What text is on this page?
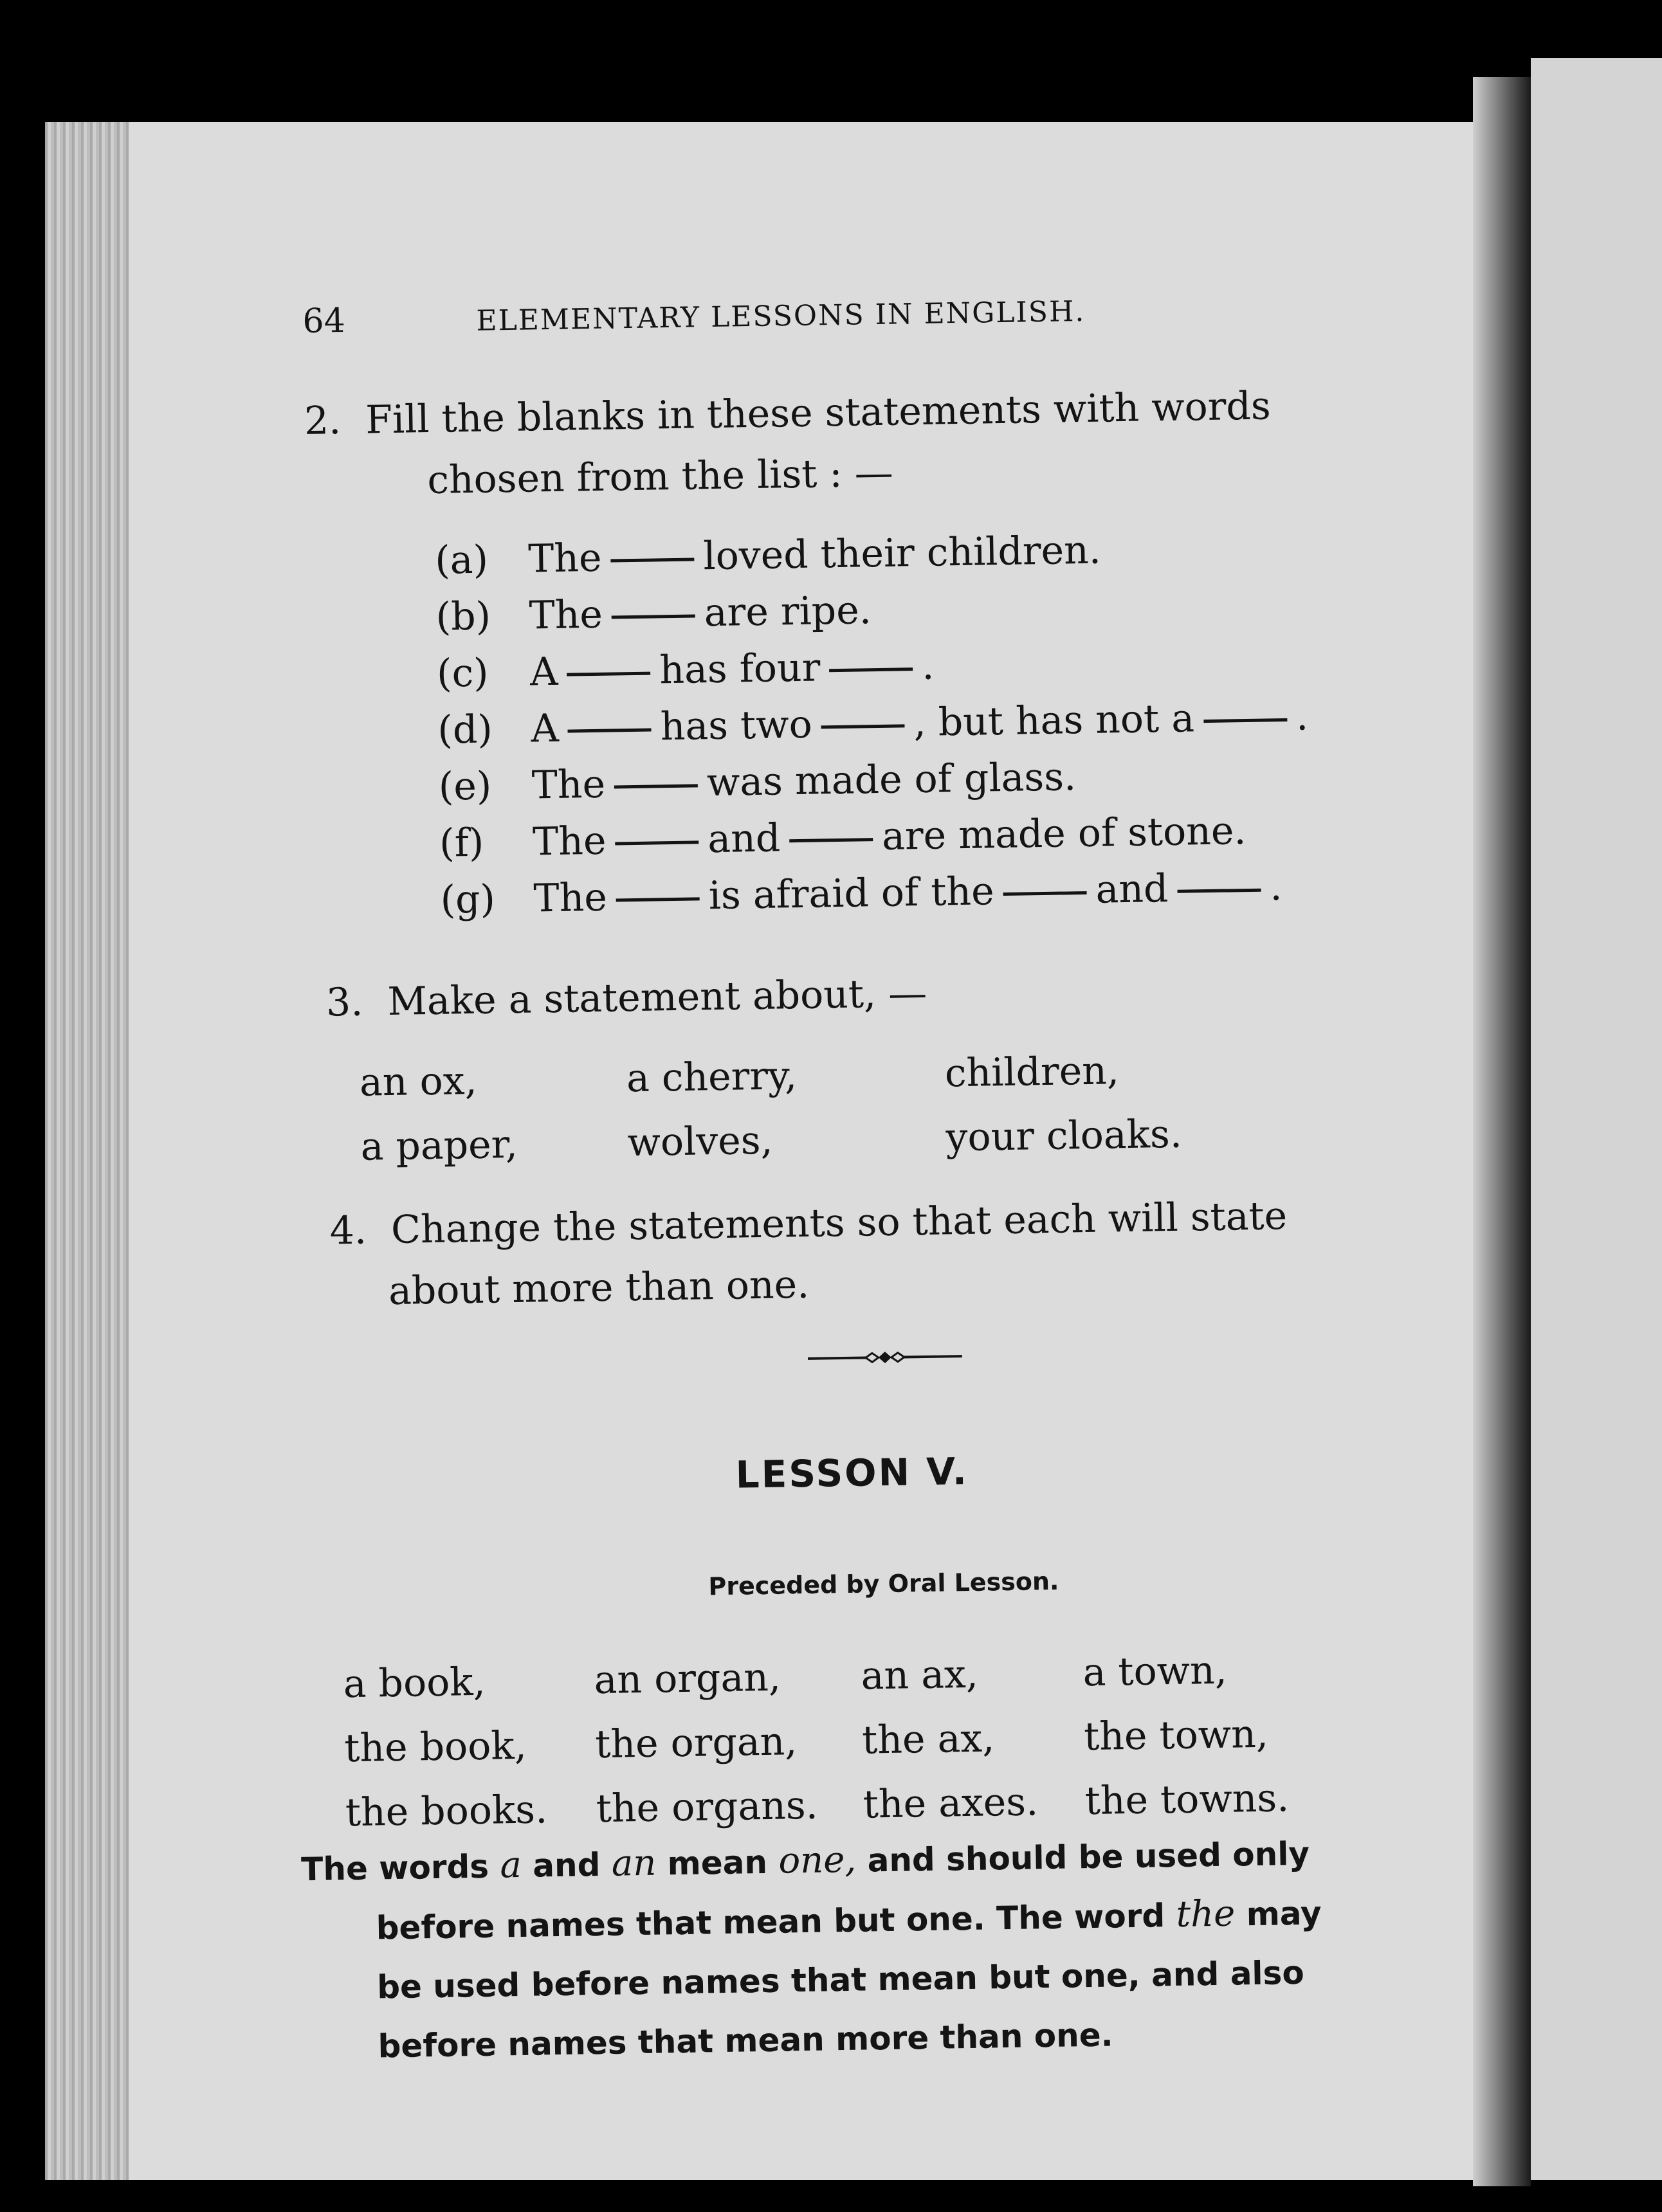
64	ELEMENTARY LESSONS IN ENGLISH.
2. Fill the blanks in these statements with words
chosen from the list : —
(a) The	loved their children.
(b) The	are ripe.
(c) A	has four	.
(d) A	has two	, but has not a	.
(e) The	was made of glass.
(f) The	and	are made of stone.
(g) The	is afraid of the	and	.
3. Make a statement about, —
an ox,	a cherry,	children,
a paper,	wolves,	your cloaks.
4. Change the statements so that each will state
about more than one.
LESSON V.
Preceded by Oral Lesson.
a book,	an organ, an ax,	a town,
the book, the organ, the ax, the town,
the books. the organs. the axes. the towns.

The words a and an mean one, and should be used only

before names that mean but one. The word the may

be used before names that mean but one, and also

before names that mean more than one.
